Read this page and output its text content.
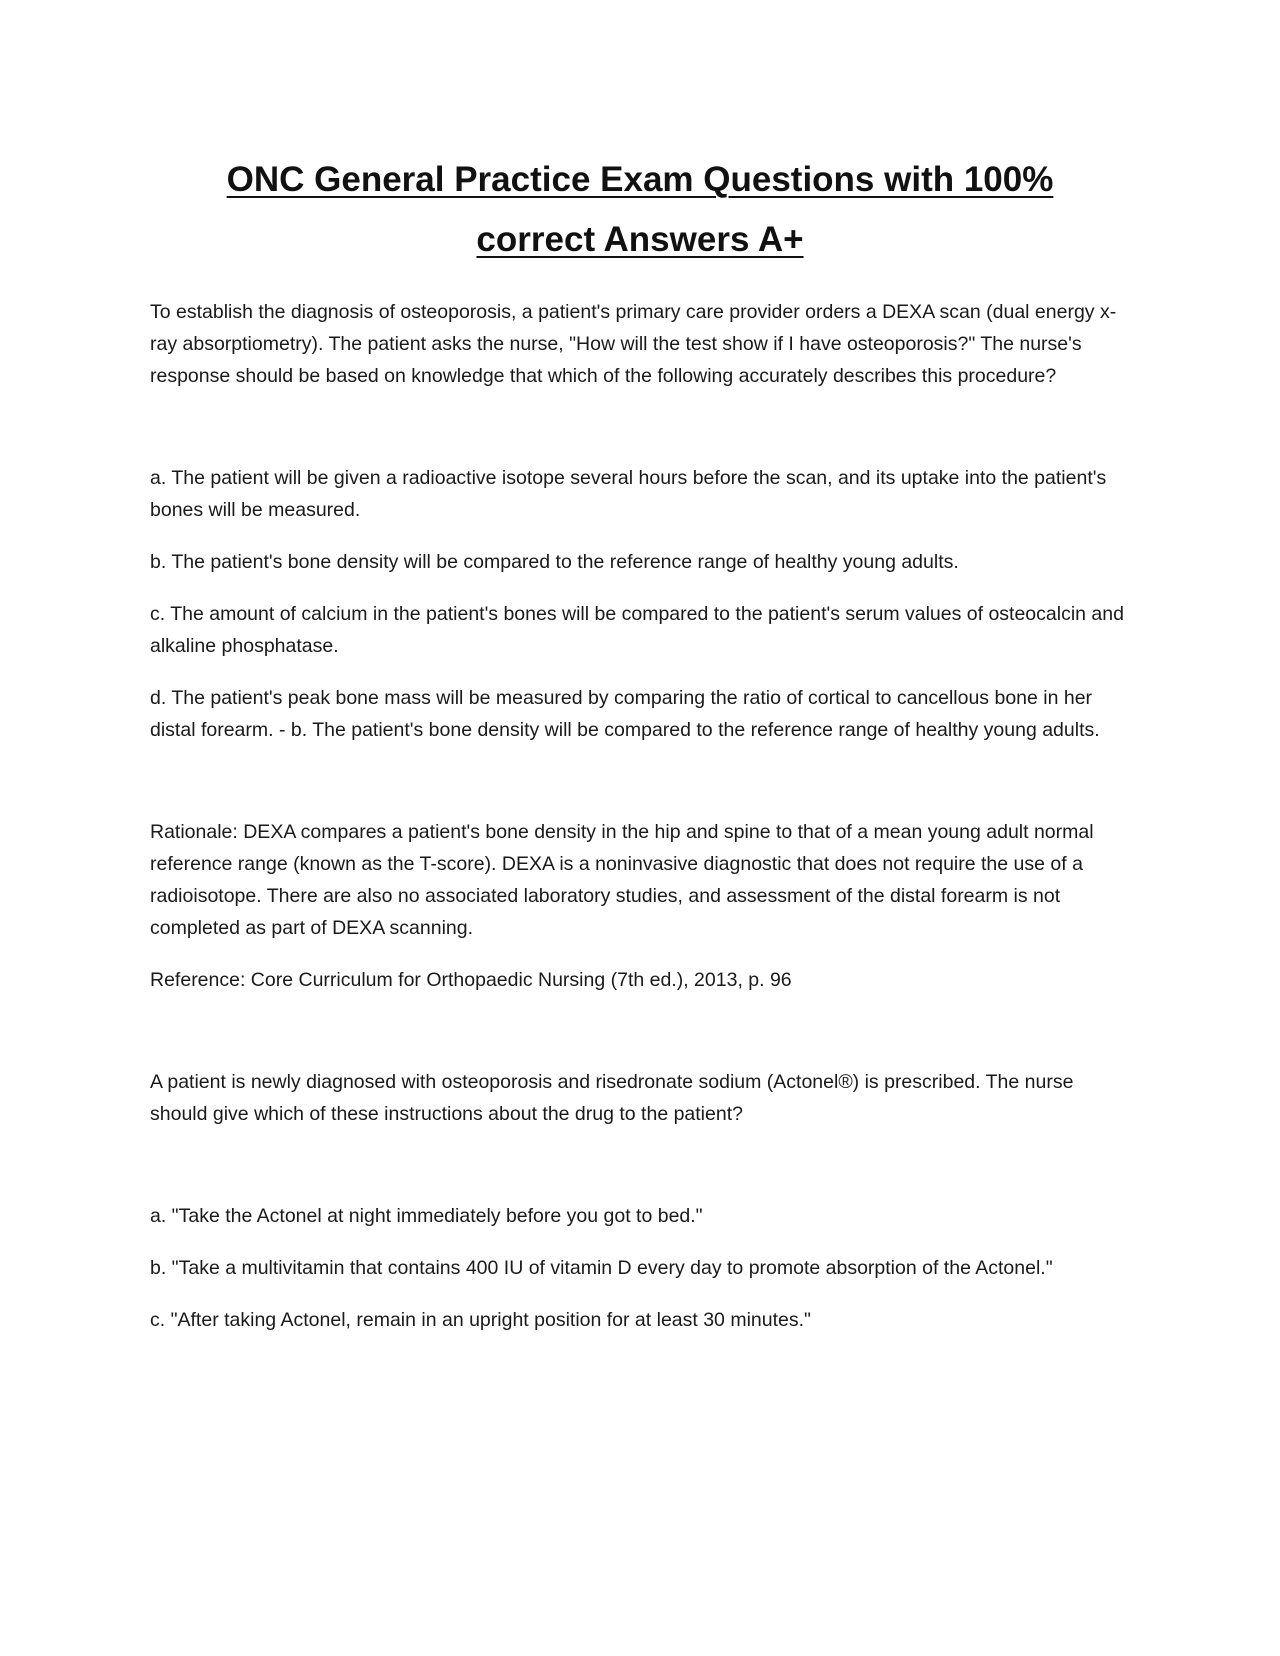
ONC General Practice Exam Questions with 100%
correct Answers A+

To establish the diagnosis of osteoporosis, a patient's primary care provider orders a DEXA scan (dual energy x-ray absorptiometry). The patient asks the nurse, "How will the test show if I have osteoporosis?" The nurse's response should be based on knowledge that which of the following accurately describes this procedure?

a. The patient will be given a radioactive isotope several hours before the scan, and its uptake into the patient's bones will be measured.

b. The patient's bone density will be compared to the reference range of healthy young adults.

c. The amount of calcium in the patient's bones will be compared to the patient's serum values of osteocalcin and alkaline phosphatase.

d. The patient's peak bone mass will be measured by comparing the ratio of cortical to cancellous bone in her distal forearm. - b. The patient's bone density will be compared to the reference range of healthy young adults.

Rationale: DEXA compares a patient's bone density in the hip and spine to that of a mean young adult normal reference range (known as the T-score). DEXA is a noninvasive diagnostic that does not require the use of a radioisotope. There are also no associated laboratory studies, and assessment of the distal forearm is not completed as part of DEXA scanning.

Reference: Core Curriculum for Orthopaedic Nursing (7th ed.), 2013, p. 96

A patient is newly diagnosed with osteoporosis and risedronate sodium (Actonel®) is prescribed. The nurse should give which of these instructions about the drug to the patient?

a. "Take the Actonel at night immediately before you got to bed."

b. "Take a multivitamin that contains 400 IU of vitamin D every day to promote absorption of the Actonel."

c. "After taking Actonel, remain in an upright position for at least 30 minutes."
